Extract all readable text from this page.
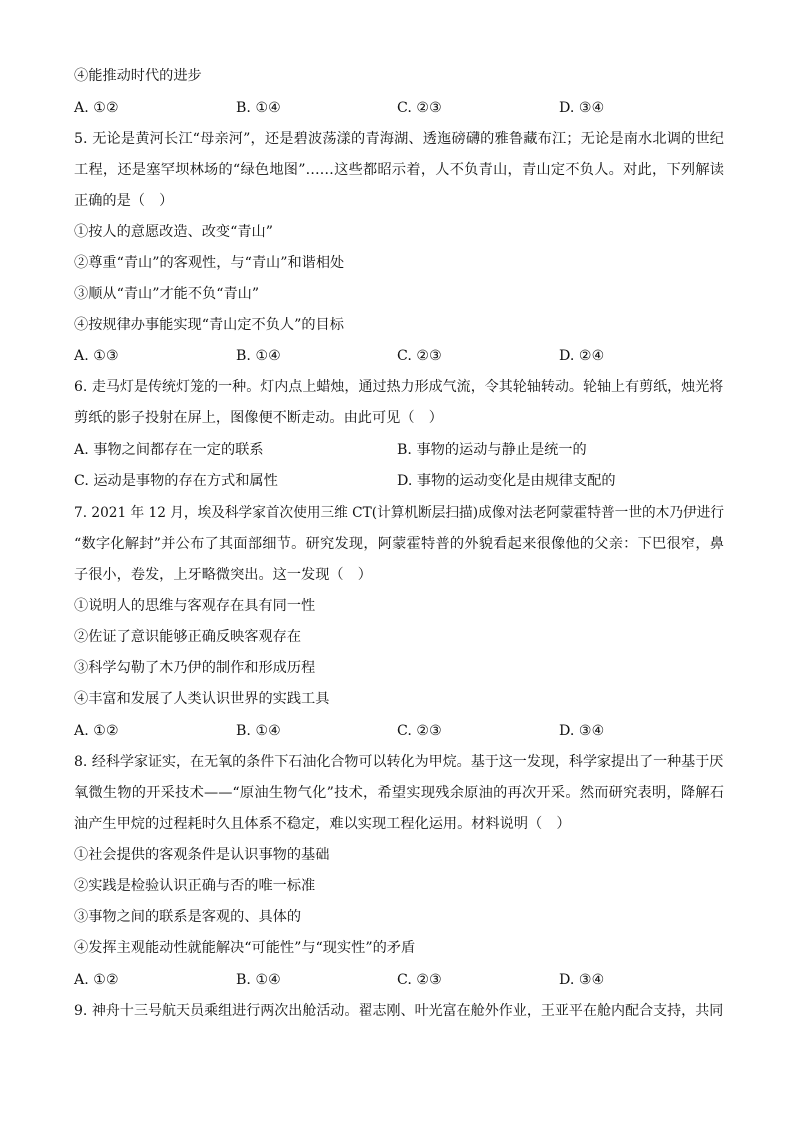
④能推动时代的进步
A. ①②	B. ①④	C. ②③	D. ③④
5. 无论是黄河长江“母亲河”，还是碧波荡漾的青海湖、透迤磅礴的雅鲁藏布江；无论是南水北调的世纪
工程，还是塞罕坝林场的“绿色地图”……这些都昭示着，人不负青山，青山定不负人。对此，下列解读
正确的是（　）
①按人的意愿改造、改变“青山”
②尊重“青山”的客观性，与“青山”和谐相处
③顺从“青山”才能不负“青山”
④按规律办事能实现“青山定不负人”的目标
A. ①③	B. ①④	C. ②③	D. ②④
6. 走马灯是传统灯笼的一种。灯内点上蜡烛，通过热力形成气流，令其轮轴转动。轮轴上有剪纸，烛光将
剪纸的影子投射在屏上，图像便不断走动。由此可见（　）
A. 事物之间都存在一定的联系	B. 事物的运动与静止是统一的
C. 运动是事物的存在方式和属性	D. 事物的运动变化是由规律支配的
7. 2021 年 12 月，埃及科学家首次使用三维 CT(计算机断层扫描)成像对法老阿蒙霍特普一世的木乃伊进行
“数字化解封”并公布了其面部细节。研究发现，阿蒙霍特普的外貌看起来很像他的父亲：下巴很窄，鼻
子很小，卷发，上牙略微突出。这一发现（　）
①说明人的思维与客观存在具有同一性
②佐证了意识能够正确反映客观存在
③科学勾勒了木乃伊的制作和形成历程
④丰富和发展了人类认识世界的实践工具
A. ①②	B. ①④	C. ②③	D. ③④
8. 经科学家证实，在无氧的条件下石油化合物可以转化为甲烷。基于这一发现，科学家提出了一种基于厌
氧微生物的开采技术——“原油生物气化”技术，希望实现残余原油的再次开采。然而研究表明，降解石
油产生甲烷的过程耗时久且体系不稳定，难以实现工程化运用。材料说明（　）
①社会提供的客观条件是认识事物的基础
②实践是检验认识正确与否的唯一标准
③事物之间的联系是客观的、具体的
④发挥主观能动性就能解决“可能性”与“现实性”的矛盾
A. ①②	B. ①④	C. ②③	D. ③④
9. 神舟十三号航天员乘组进行两次出舱活动。翟志刚、叶光富在舱外作业，王亚平在舱内配合支持，共同
